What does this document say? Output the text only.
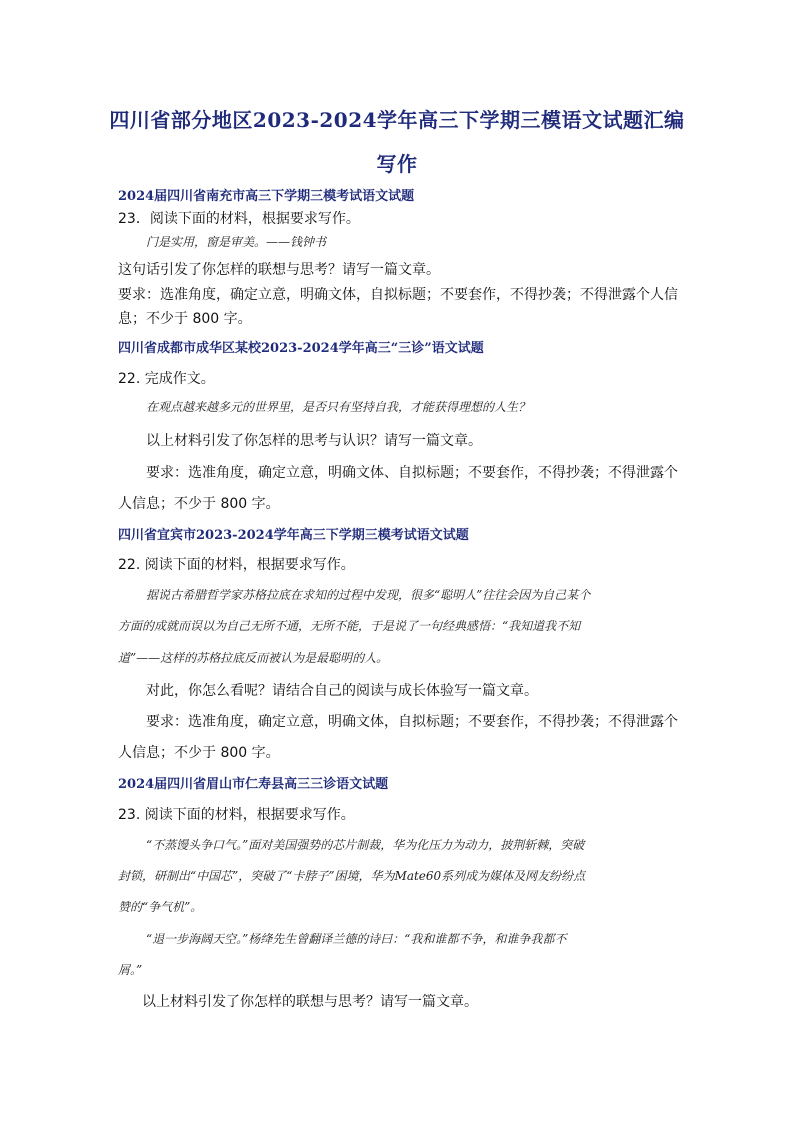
四川省部分地区2023-2024学年高三下学期三模语文试题汇编
写作
2024届四川省南充市高三下学期三模考试语文试题
23．阅读下面的材料，根据要求写作。
门是实用，窗是审美。——钱钟书
这句话引发了你怎样的联想与思考？请写一篇文章。
要求：选准角度，确定立意，明确文体，自拟标题；不要套作，不得抄袭；不得泄露个人信
息；不少于 800 字。
四川省成都市成华区某校2023-2024学年高三“三诊”语文试题
22. 完成作文。
在观点越来越多元的世界里，是否只有坚持自我，才能获得理想的人生？
以上材料引发了你怎样的思考与认识？请写一篇文章。
要求：选准角度，确定立意，明确文体、自拟标题；不要套作，不得抄袭；不得泄露个
人信息；不少于 800 字。
四川省宜宾市2023-2024学年高三下学期三模考试语文试题
22. 阅读下面的材料，根据要求写作。
据说古希腊哲学家苏格拉底在求知的过程中发现，很多“聪明人”往往会因为自己某个
方面的成就而误以为自己无所不通，无所不能，于是说了一句经典感悟：“我知道我不知
道”——这样的苏格拉底反而被认为是最聪明的人。
对此，你怎么看呢？请结合自己的阅读与成长体验写一篇文章。
要求：选准角度，确定立意，明确文体，自拟标题；不要套作，不得抄袭；不得泄露个
人信息；不少于 800 字。
2024届四川省眉山市仁寿县高三三诊语文试题
23. 阅读下面的材料，根据要求写作。
“不蒸馒头争口气。”面对美国强势的芯片制裁，华为化压力为动力，披荆斩棘，突破
封锁，研制出“中国芯”，突破了“卡脖子”困境，华为Mate60系列成为媒体及网友纷纷点
赞的“争气机”。
“退一步海阔天空。”杨绛先生曾翻译兰德的诗曰：“我和谁都不争，和谁争我都不
屑。”
以上材料引发了你怎样的联想与思考？请写一篇文章。
